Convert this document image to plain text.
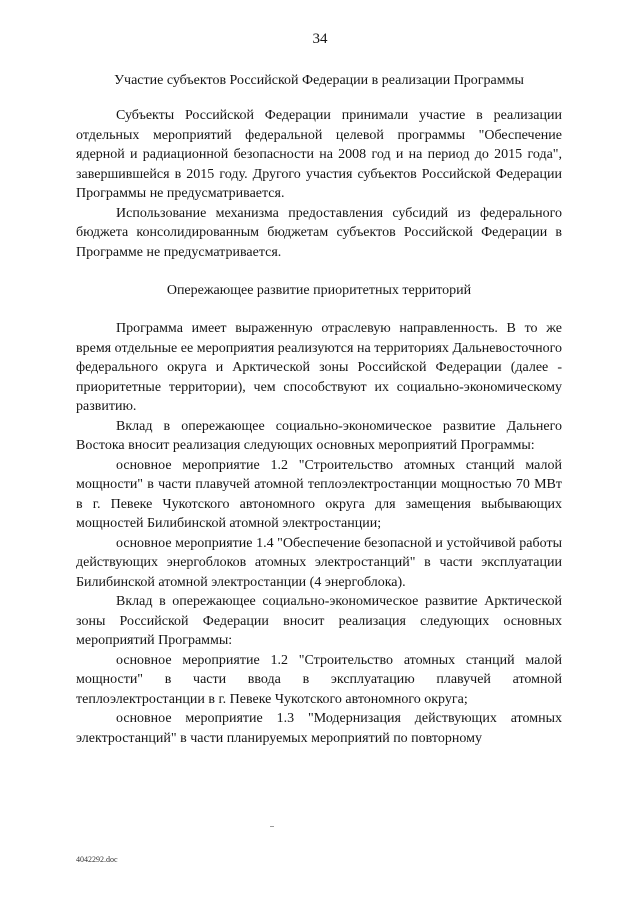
34
Участие субъектов Российской Федерации в реализации Программы

Субъекты Российской Федерации принимали участие в реализации отдельных мероприятий федеральной целевой программы "Обеспечение ядерной и радиационной безопасности на 2008 год и на период до 2015 года", завершившейся в 2015 году. Другого участия субъектов Российской Федерации Программы не предусматривается.

Использование механизма предоставления субсидий из федерального бюджета консолидированным бюджетам субъектов Российской Федерации в Программе не предусматривается.

Опережающее развитие приоритетных территорий

Программа имеет выраженную отраслевую направленность. В то же время отдельные ее мероприятия реализуются на территориях Дальневосточного федерального округа и Арктической зоны Российской Федерации (далее - приоритетные территории), чем способствуют их социально-экономическому развитию.

Вклад в опережающее социально-экономическое развитие Дальнего Востока вносит реализация следующих основных мероприятий Программы:

основное мероприятие 1.2 "Строительство атомных станций малой мощности" в части плавучей атомной теплоэлектростанции мощностью 70 МВт в г. Певеке Чукотского автономного округа для замещения выбывающих мощностей Билибинской атомной электростанции;

основное мероприятие 1.4 "Обеспечение безопасной и устойчивой работы действующих энергоблоков атомных электростанций" в части эксплуатации Билибинской атомной электростанции (4 энергоблока).

Вклад в опережающее социально-экономическое развитие Арктической зоны Российской Федерации вносит реализация следующих основных мероприятий Программы:

основное мероприятие 1.2 "Строительство атомных станций малой мощности" в части ввода в эксплуатацию плавучей атомной теплоэлектростанции в г. Певеке Чукотского автономного округа;

основное мероприятие 1.3 "Модернизация действующих атомных электростанций" в части планируемых мероприятий по повторному

4042292.doc
